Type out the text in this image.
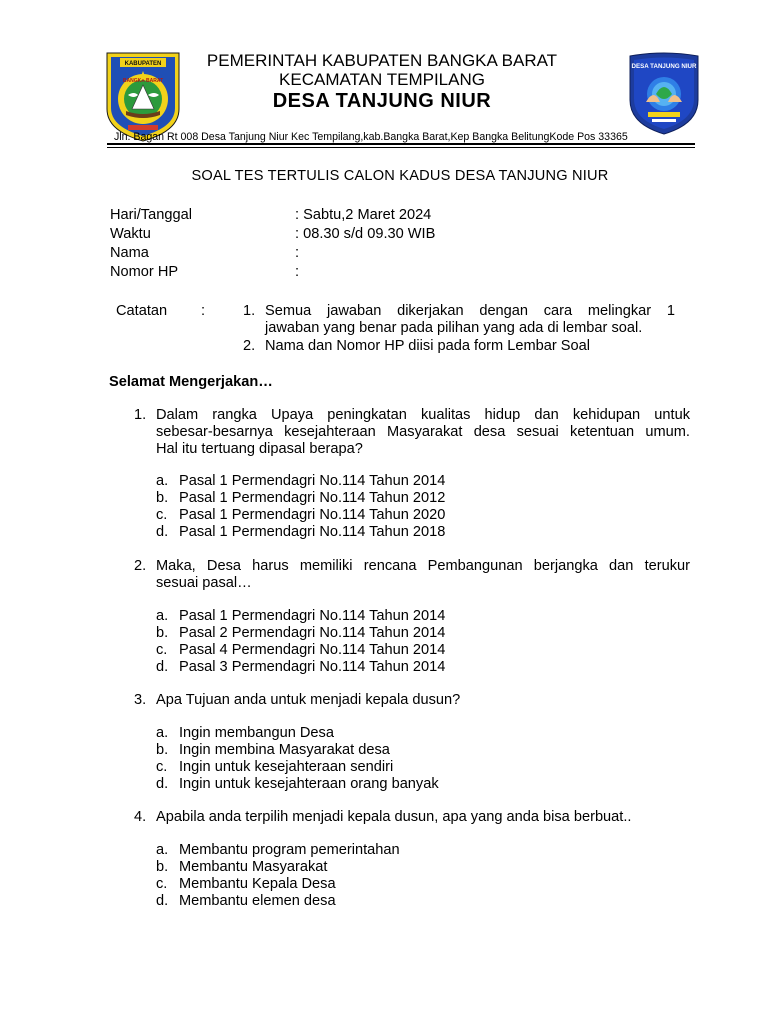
KABUPATEN
BANGKA BARAT
DESA TANJUNG NIUR
PEMERINTAH KABUPATEN BANGKA BARAT
KECAMATAN TEMPILANG
DESA TANJUNG NIUR
Jln. Bagan Rt 008 Desa Tanjung Niur Kec Tempilang,kab.Bangka Barat,Kep Bangka BelitungKode Pos 33365
SOAL TES TERTULIS CALON KADUS DESA TANJUNG NIUR
Hari/Tanggal	: Sabtu,2 Maret 2024
Waktu	: 08.30 s/d 09.30 WIB
Nama	:
Nomor HP	:
Catatan :	1. Semua jawaban dikerjakan dengan cara melingkar 1
jawaban yang benar pada pilihan yang ada di lembar soal.
2. Nama dan Nomor HP diisi pada form Lembar Soal
Selamat Mengerjakan…
1. Dalam rangka Upaya peningkatan kualitas hidup dan kehidupan untuk
sebesar-besarnya kesejahteraan Masyarakat desa sesuai ketentuan umum.
Hal itu tertuang dipasal berapa?
a. Pasal 1 Permendagri No.114 Tahun 2014
b. Pasal 1 Permendagri No.114 Tahun 2012
c. Pasal 1 Permendagri No.114 Tahun 2020
d. Pasal 1 Permendagri No.114 Tahun 2018
2. Maka, Desa harus memiliki rencana Pembangunan berjangka dan terukur
sesuai pasal…
a. Pasal 1 Permendagri No.114 Tahun 2014
b. Pasal 2 Permendagri No.114 Tahun 2014
c. Pasal 4 Permendagri No.114 Tahun 2014
d. Pasal 3 Permendagri No.114 Tahun 2014
3. Apa Tujuan anda untuk menjadi kepala dusun?
a. Ingin membangun Desa
b. Ingin membina Masyarakat desa
c. Ingin untuk kesejahteraan sendiri
d. Ingin untuk kesejahteraan orang banyak
4. Apabila anda terpilih menjadi kepala dusun, apa yang anda bisa berbuat..
a. Membantu program pemerintahan
b. Membantu Masyarakat
c. Membantu Kepala Desa
d. Membantu elemen desa
